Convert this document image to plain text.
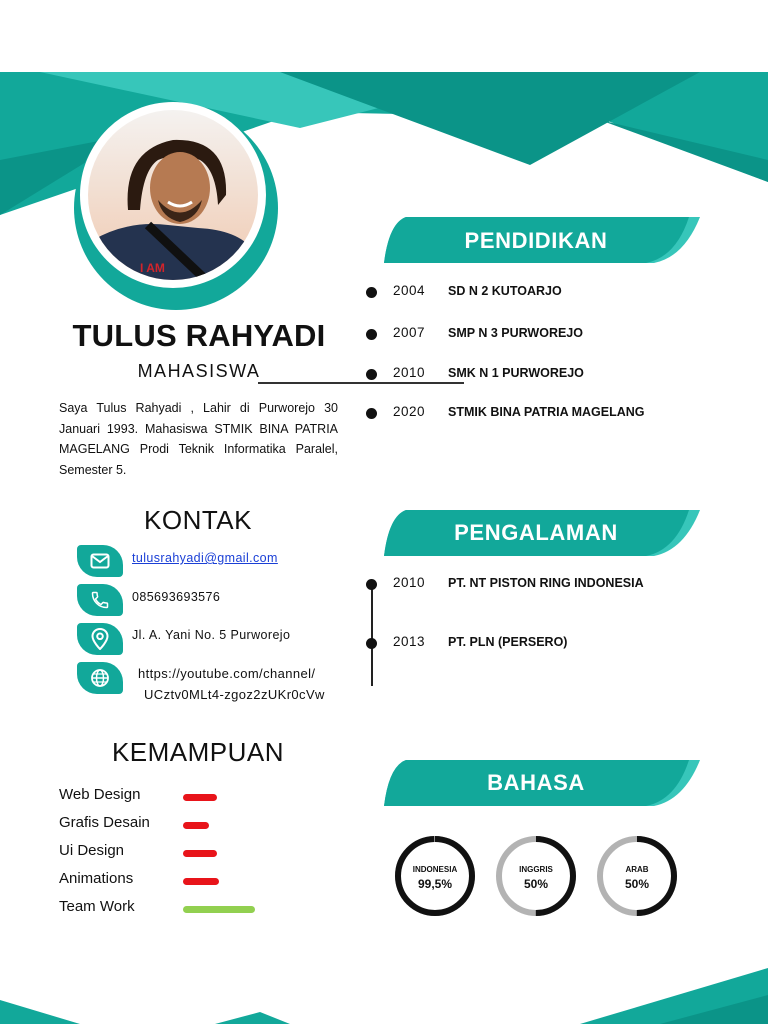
I AM
TULUS RAHYADI
MAHASISWA
Saya Tulus Rahyadi , Lahir di Purworejo 30 Januari 1993. Mahasiswa STMIK BINA PATRIA MAGELANG Prodi Teknik Informatika Paralel, Semester 5.
KONTAK
tulusrahyadi@gmail.com
085693693576
Jl. A. Yani No. 5 Purworejo
https://youtube.com/channel/
UCztv0MLt4-zgoz2zUKr0cVw
KEMAMPUAN
Web Design
Grafis Desain
Ui Design
Animations
Team Work
PENDIDIKAN
2004 SD N 2 KUTOARJO
2007 SMP N 3 PURWOREJO
2010 SMK N 1 PURWOREJO
2020 STMIK BINA PATRIA MAGELANG
PENGALAMAN
2010 PT. NT PISTON RING INDONESIA
2013 PT. PLN (PERSERO)
BAHASA
INDONESIA
99,5%
INGGRIS
50%
ARAB
50%
